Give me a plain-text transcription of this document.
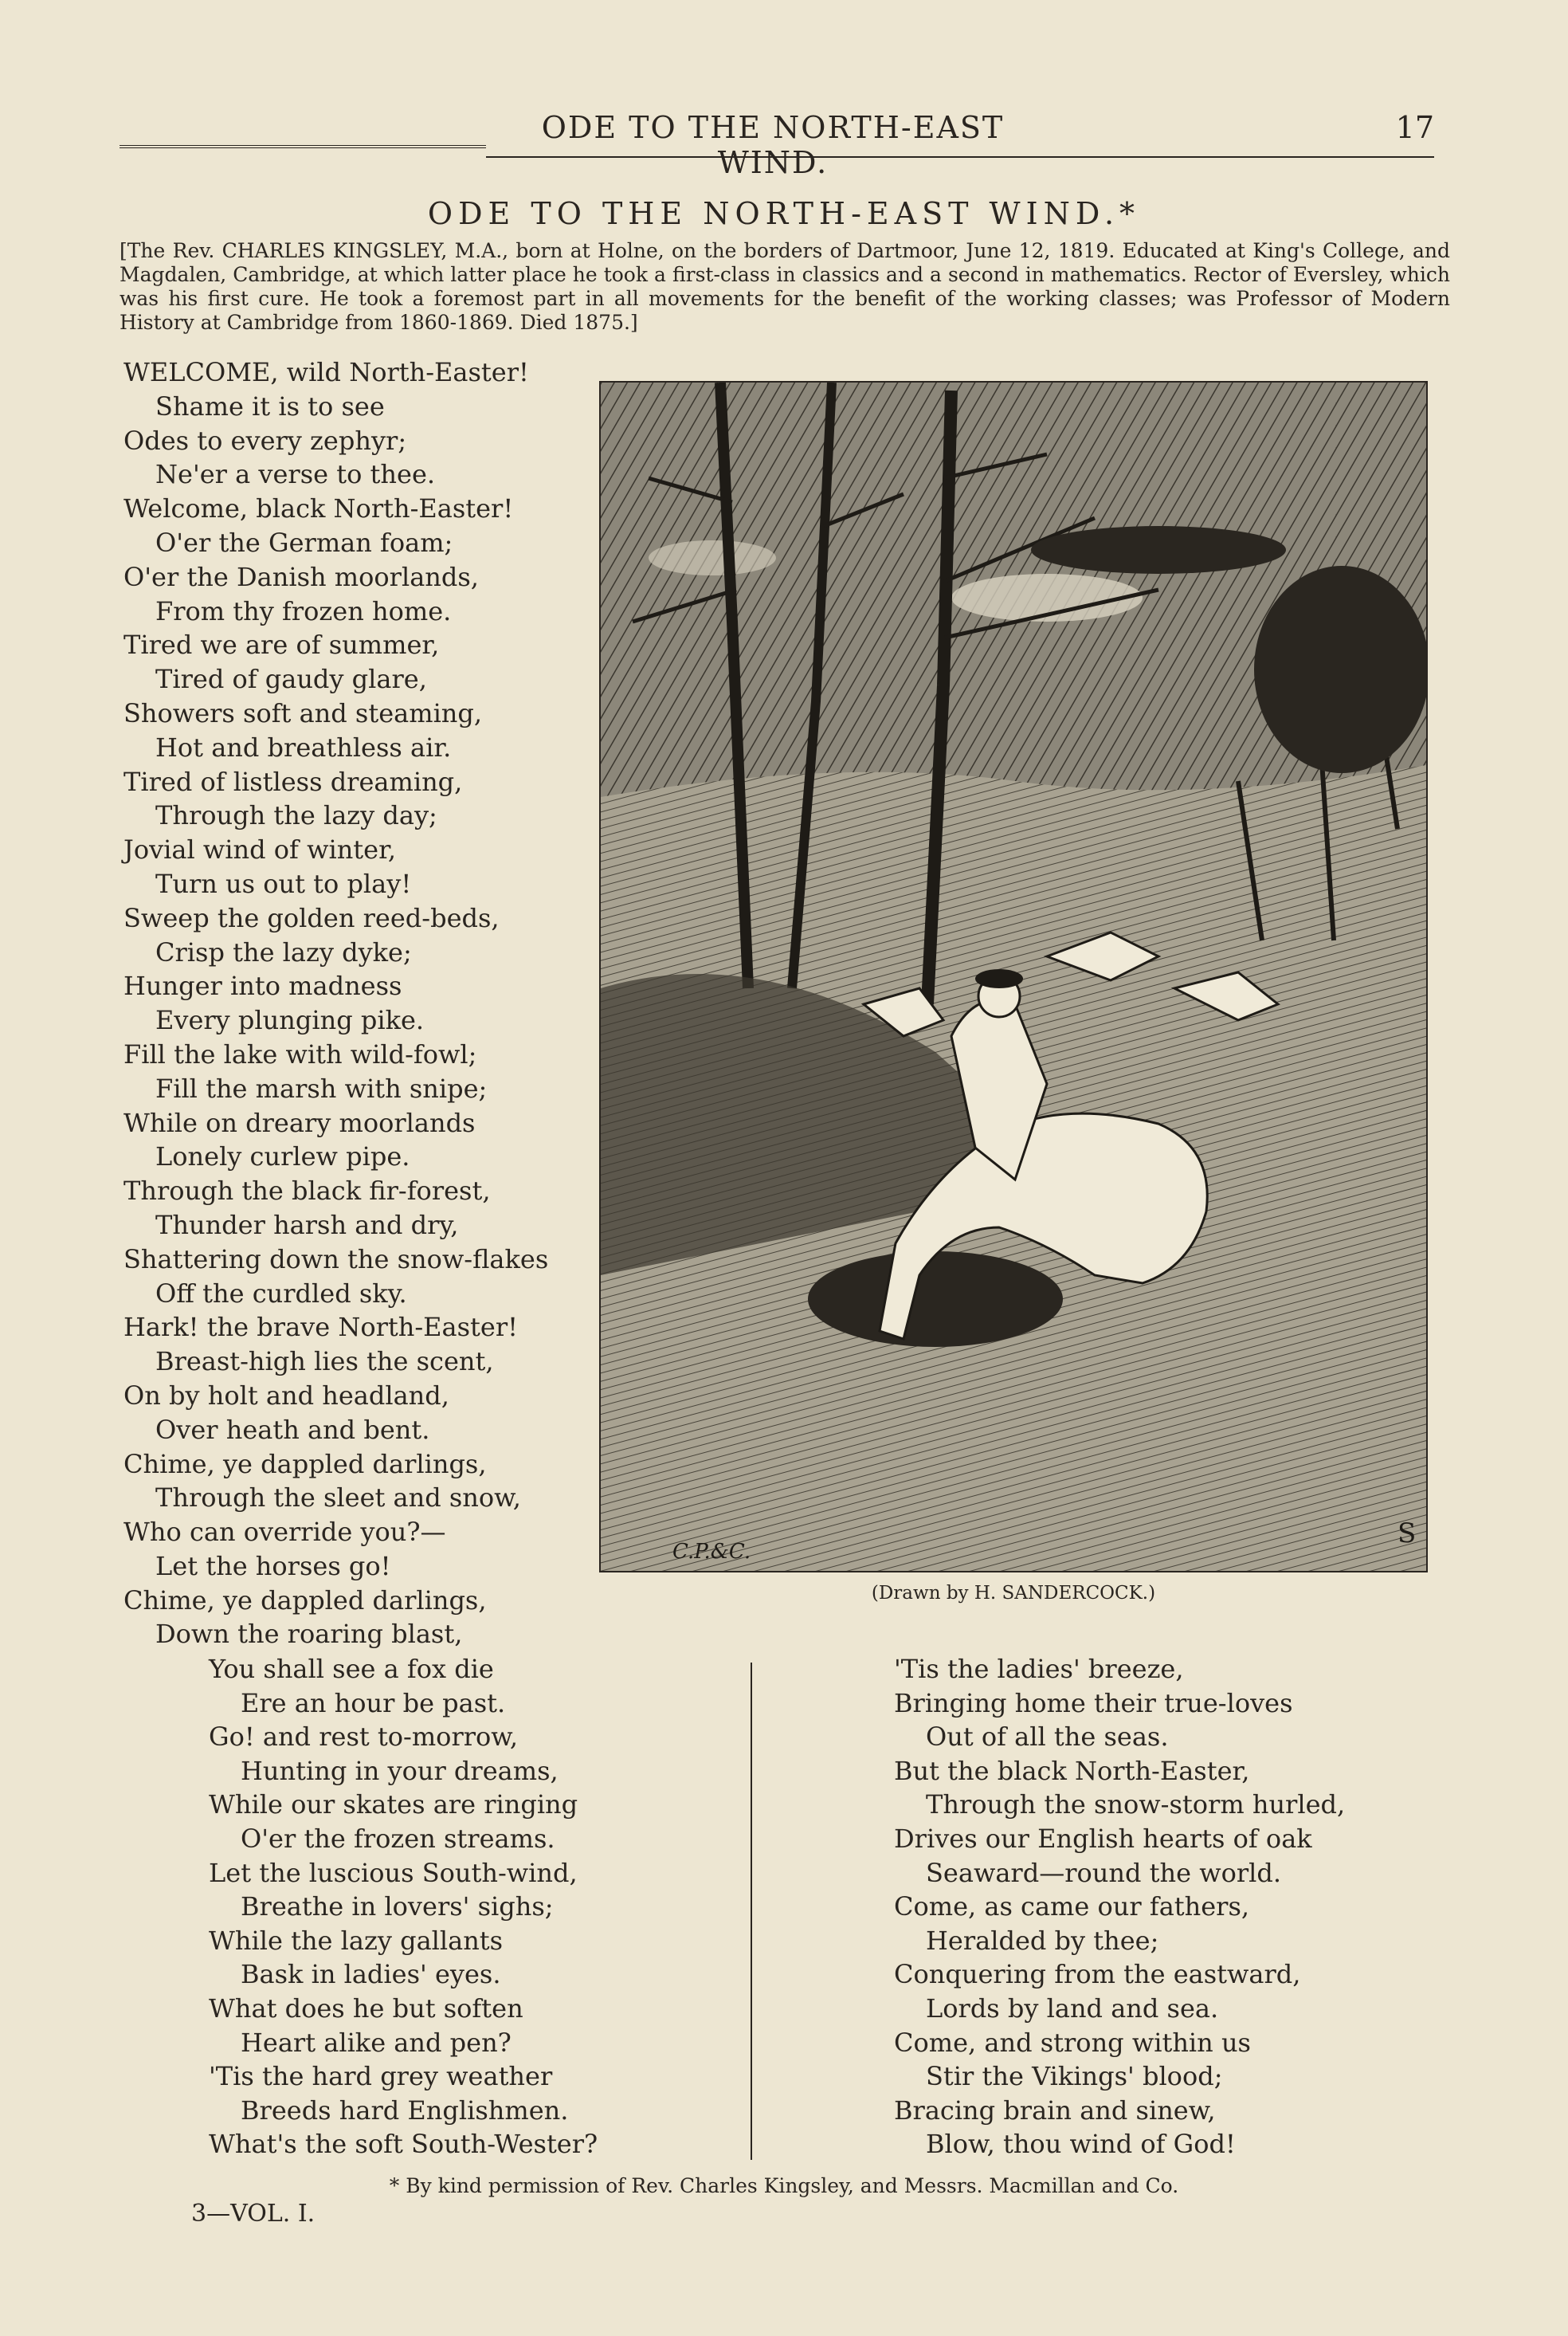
ODE TO THE NORTH-EAST WIND.
17
ODE TO THE NORTH-EAST WIND.*
[The Rev. CHARLES KINGSLEY, M.A., born at Holne, on the borders of Dartmoor, June 12, 1819. Educated at King's College, and Magdalen, Cambridge, at which latter place he took a first-class in classics and a second in mathematics. Rector of Eversley, which was his first cure. He took a foremost part in all movements for the benefit of the working classes; was Professor of Modern History at Cambridge from 1860-1869. Died 1875.]
WELCOME, wild North-Easter!
Shame it is to see
Odes to every zephyr;
Ne'er a verse to thee.
Welcome, black North-Easter!
O'er the German foam;
O'er the Danish moorlands,
From thy frozen home.
Tired we are of summer,
Tired of gaudy glare,
Showers soft and steaming,
Hot and breathless air.
Tired of listless dreaming,
Through the lazy day;
Jovial wind of winter,
Turn us out to play!
Sweep the golden reed-beds,
Crisp the lazy dyke;
Hunger into madness
Every plunging pike.
Fill the lake with wild-fowl;
Fill the marsh with snipe;
While on dreary moorlands
Lonely curlew pipe.
Through the black fir-forest,
Thunder harsh and dry,
Shattering down the snow-flakes
Off the curdled sky.
Hark! the brave North-Easter!
Breast-high lies the scent,
On by holt and headland,
Over heath and bent.
Chime, ye dappled darlings,
Through the sleet and snow,
Who can override you?—
Let the horses go!
Chime, ye dappled darlings,
Down the roaring blast,
C.P.&C.
S
(Drawn by H. SANDERCOCK.)
You shall see a fox die
Ere an hour be past.
Go! and rest to-morrow,
Hunting in your dreams,
While our skates are ringing
O'er the frozen streams.
Let the luscious South-wind,
Breathe in lovers' sighs;
While the lazy gallants
Bask in ladies' eyes.
What does he but soften
Heart alike and pen?
'Tis the hard grey weather
Breeds hard Englishmen.
What's the soft South-Wester?
'Tis the ladies' breeze,
Bringing home their true-loves
Out of all the seas.
But the black North-Easter,
Through the snow-storm hurled,
Drives our English hearts of oak
Seaward—round the world.
Come, as came our fathers,
Heralded by thee;
Conquering from the eastward,
Lords by land and sea.
Come, and strong within us
Stir the Vikings' blood;
Bracing brain and sinew,
Blow, thou wind of God!
* By kind permission of Rev. Charles Kingsley, and Messrs. Macmillan and Co.
3—VOL. I.
